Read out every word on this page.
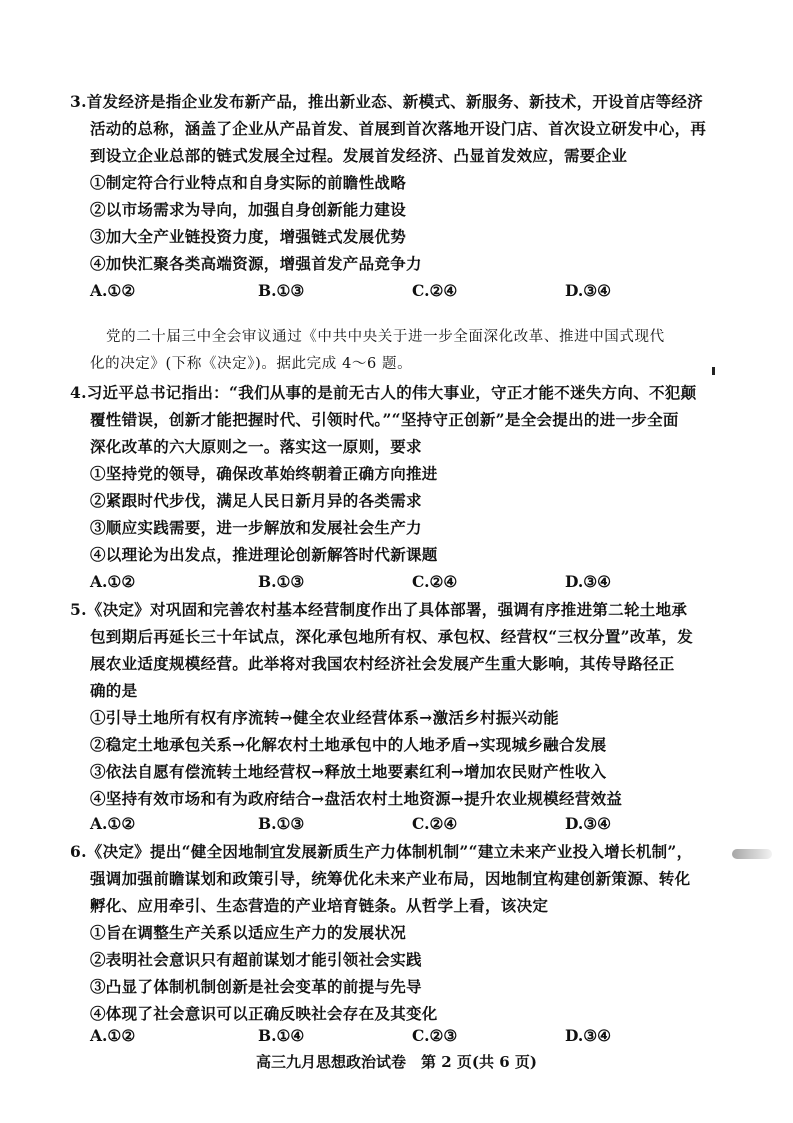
3.首发经济是指企业发布新产品，推出新业态、新模式、新服务、新技术，开设首店等经济
活动的总称，涵盖了企业从产品首发、首展到首次落地开设门店、首次设立研发中心，再
到设立企业总部的链式发展全过程。发展首发经济、凸显首发效应，需要企业
①制定符合行业特点和自身实际的前瞻性战略
②以市场需求为导向，加强自身创新能力建设
③加大全产业链投资力度，增强链式发展优势
④加快汇聚各类高端资源，增强首发产品竞争力
A.①②	B.①③	C.②④	D.③④
党的二十届三中全会审议通过《中共中央关于进一步全面深化改革、推进中国式现代
化的决定》(下称《决定》)。据此完成 4～6 题。
4.习近平总书记指出：“我们从事的是前无古人的伟大事业，守正才能不迷失方向、不犯颠
覆性错误，创新才能把握时代、引领时代。”“坚持守正创新”是全会提出的进一步全面
深化改革的六大原则之一。落实这一原则，要求
①坚持党的领导，确保改革始终朝着正确方向推进
②紧跟时代步伐，满足人民日新月异的各类需求
③顺应实践需要，进一步解放和发展社会生产力
④以理论为出发点，推进理论创新解答时代新课题
A.①②	B.①③	C.②④	D.③④
5.《决定》对巩固和完善农村基本经营制度作出了具体部署，强调有序推进第二轮土地承
包到期后再延长三十年试点，深化承包地所有权、承包权、经营权“三权分置”改革，发
展农业适度规模经营。此举将对我国农村经济社会发展产生重大影响，其传导路径正
确的是
①引导土地所有权有序流转→健全农业经营体系→激活乡村振兴动能
②稳定土地承包关系→化解农村土地承包中的人地矛盾→实现城乡融合发展
③依法自愿有偿流转土地经营权→释放土地要素红利→增加农民财产性收入
④坚持有效市场和有为政府结合→盘活农村土地资源→提升农业规模经营效益
A.①②	B.①③	C.②④	D.③④
6.《决定》提出“健全因地制宜发展新质生产力体制机制”“建立未来产业投入增长机制”，
强调加强前瞻谋划和政策引导，统筹优化未来产业布局，因地制宜构建创新策源、转化
孵化、应用牵引、生态营造的产业培育链条。从哲学上看，该决定
①旨在调整生产关系以适应生产力的发展状况
②表明社会意识只有超前谋划才能引领社会实践
③凸显了体制机制创新是社会变革的前提与先导
④体现了社会意识可以正确反映社会存在及其变化
A.①②	B.①④	C.②③	D.③④
高三九月思想政治试卷　第 2 页(共 6 页)
